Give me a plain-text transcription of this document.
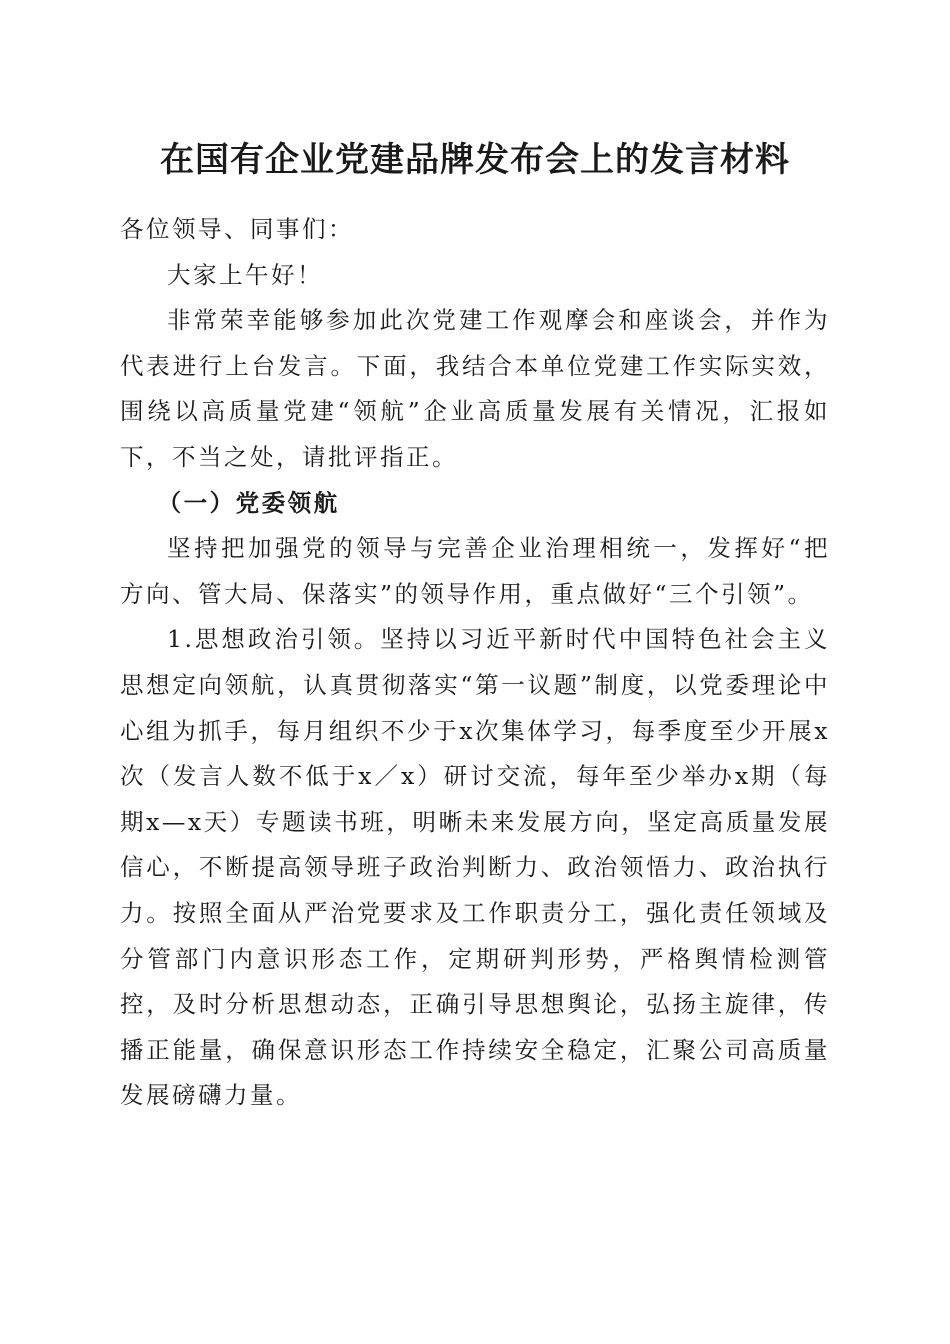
在国有企业党建品牌发布会上的发言材料

各位领导、同事们：

大家上午好！

非常荣幸能够参加此次党建工作观摩会和座谈会，并作为代表进行上台发言。下面，我结合本单位党建工作实际实效，围绕以高质量党建“领航”企业高质量发展有关情况，汇报如下，不当之处，请批评指正。

（一）党委领航

坚持把加强党的领导与完善企业治理相统一，发挥好“把方向、管大局、保落实”的领导作用，重点做好“三个引领”。

1.思想政治引领。坚持以习近平新时代中国特色社会主义思想定向领航，认真贯彻落实“第一议题”制度，以党委理论中心组为抓手，每月组织不少于x次集体学习，每季度至少开展x次（发言人数不低于x／x）研讨交流，每年至少举办x期（每期x—x天）专题读书班，明晰未来发展方向，坚定高质量发展信心，不断提高领导班子政治判断力、政治领悟力、政治执行力。按照全面从严治党要求及工作职责分工，强化责任领域及分管部门内意识形态工作，定期研判形势，严格舆情检测管控，及时分析思想动态，正确引导思想舆论，弘扬主旋律，传播正能量，确保意识形态工作持续安全稳定，汇聚公司高质量发展磅礴力量。
